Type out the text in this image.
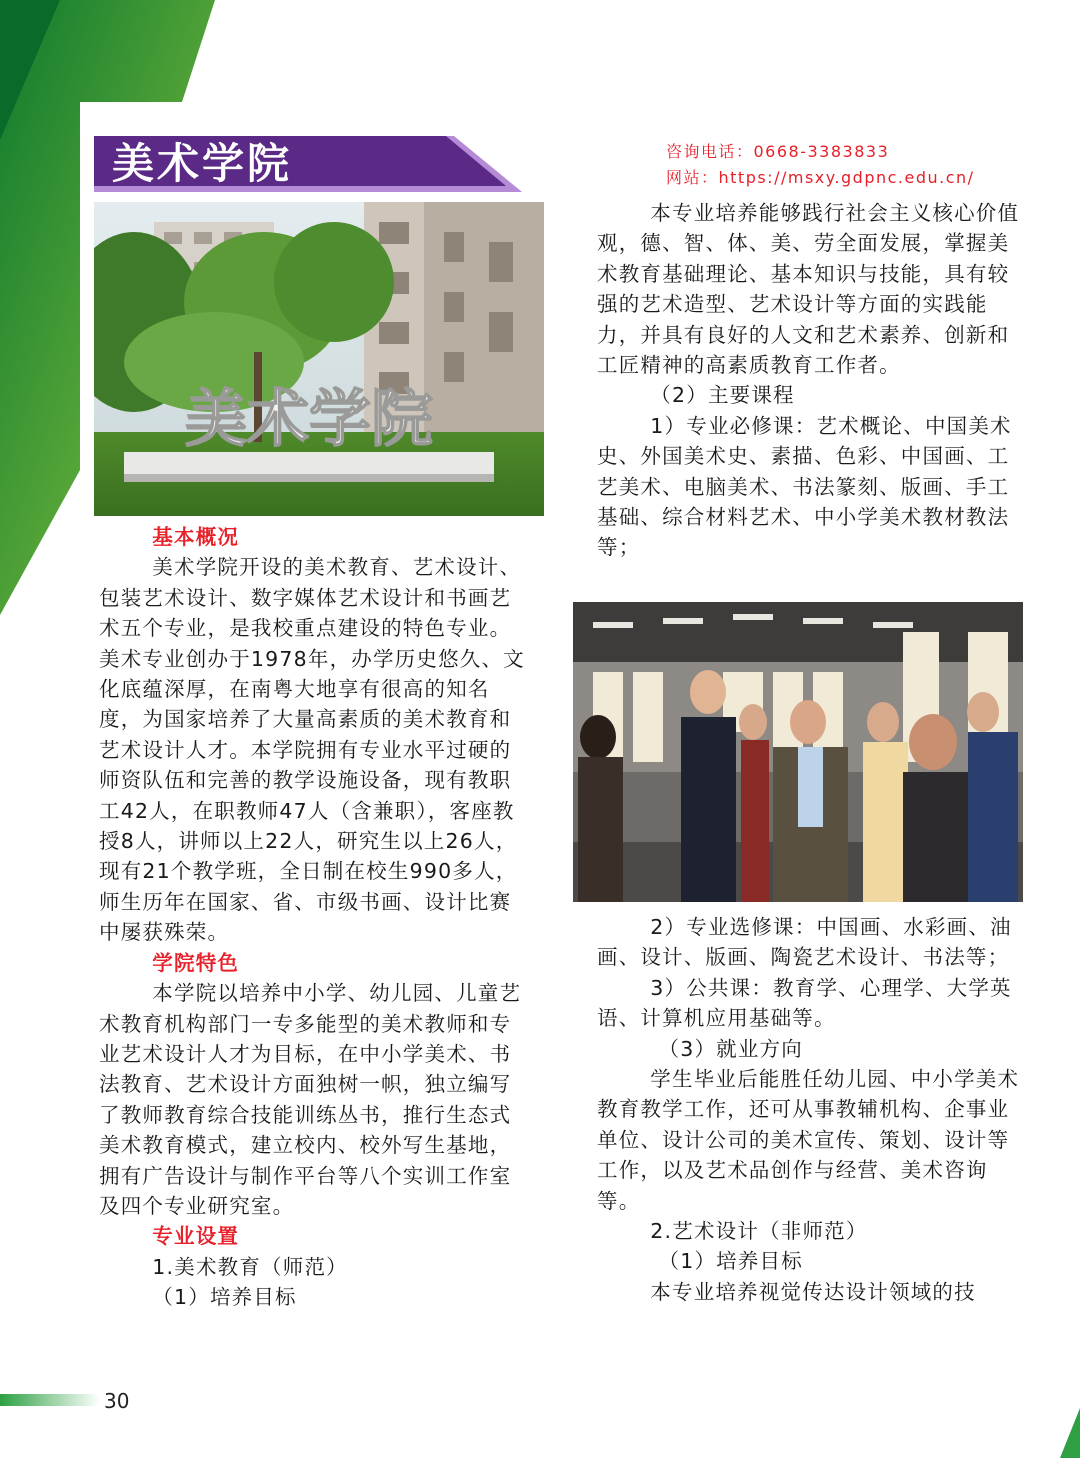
美术学院	咨询电话：0668-3383833
网站：https://msxy.gdpnc.edu.cn/
美术学院

基本概况

美术学院开设的美术教育、艺术设计、包装艺术设计、数字媒体艺术设计和书画艺术五个专业，是我校重点建设的特色专业。美术专业创办于1978年，办学历史悠久、文化底蕴深厚，在南粤大地享有很高的知名度，为国家培养了大量高素质的美术教育和艺术设计人才。本学院拥有专业水平过硬的师资队伍和完善的教学设施设备，现有教职工42人，在职教师47人（含兼职），客座教授8人，讲师以上22人，研究生以上26人，现有21个教学班，全日制在校生990多人，师生历年在国家、省、市级书画、设计比赛中屡获殊荣。

学院特色

本学院以培养中小学、幼儿园、儿童艺术教育机构部门一专多能型的美术教师和专业艺术设计人才为目标，在中小学美术、书法教育、艺术设计方面独树一帜，独立编写了教师教育综合技能训练丛书，推行生态式美术教育模式，建立校内、校外写生基地，拥有广告设计与制作平台等八个实训工作室及四个专业研究室。

专业设置

1.美术教育（师范）

（1）培养目标

本专业培养能够践行社会主义核心价值观，德、智、体、美、劳全面发展，掌握美术教育基础理论、基本知识与技能，具有较强的艺术造型、艺术设计等方面的实践能力，并具有良好的人文和艺术素养、创新和工匠精神的高素质教育工作者。

（2）主要课程

1）专业必修课：艺术概论、中国美术史、外国美术史、素描、色彩、中国画、工艺美术、电脑美术、书法篆刻、版画、手工基础、综合材料艺术、中小学美术教材教法等；

2）专业选修课：中国画、水彩画、油画、设计、版画、陶瓷艺术设计、书法等；

3）公共课：教育学、心理学、大学英语、计算机应用基础等。

（3）就业方向

学生毕业后能胜任幼儿园、中小学美术教育教学工作，还可从事教辅机构、企事业单位、设计公司的美术宣传、策划、设计等工作，以及艺术品创作与经营、美术咨询等。

2.艺术设计（非师范）

（1）培养目标

本专业培养视觉传达设计领域的技

30
